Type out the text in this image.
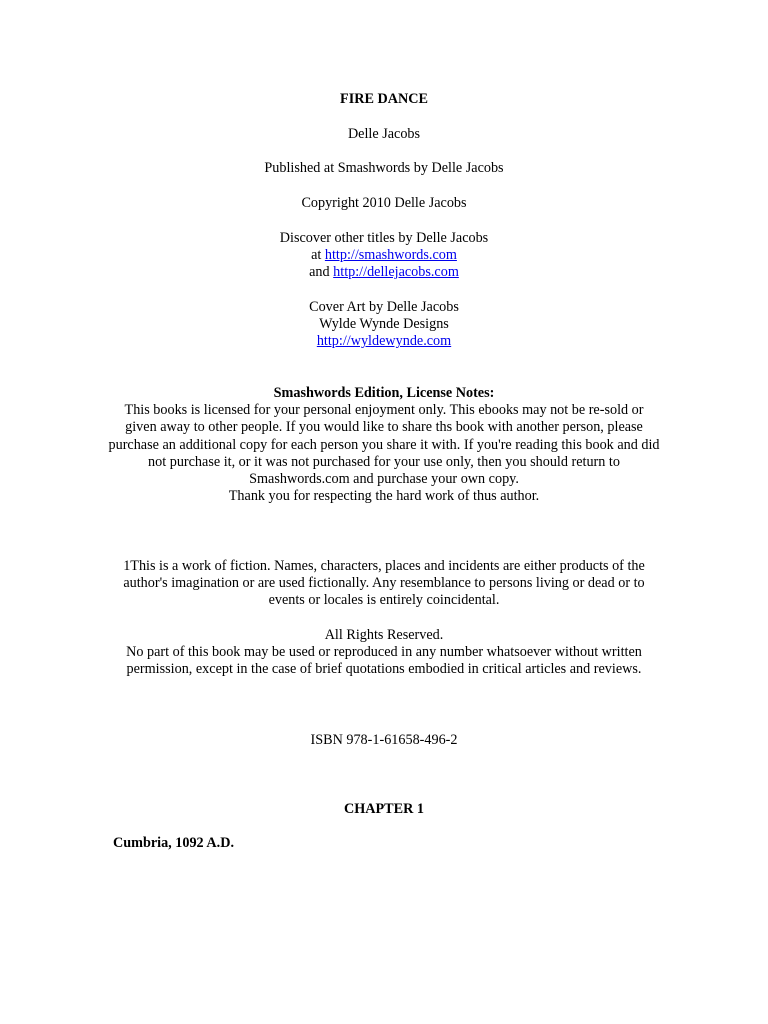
FIRE DANCE
Delle Jacobs
Published at Smashwords by Delle Jacobs
Copyright 2010 Delle Jacobs
Discover other titles by Delle Jacobs
at http://smashwords.com
and http://dellejacobs.com
Cover Art by Delle Jacobs
Wylde Wynde Designs
http://wyldewynde.com
Smashwords Edition, License Notes:
This books is licensed for your personal enjoyment only. This ebooks may not be re-sold or
given away to other people. If you would like to share ths book with another person, please
purchase an additional copy for each person you share it with. If you're reading this book and did
not purchase it, or it was not purchased for your use only, then you should return to
Smashwords.com and purchase your own copy.
Thank you for respecting the hard work of thus author.
1This is a work of fiction. Names, characters, places and incidents are either products of the
author's imagination or are used fictionally. Any resemblance to persons living or dead or to
events or locales is entirely coincidental.
All Rights Reserved.
No part of this book may be used or reproduced in any number whatsoever without written
permission, except in the case of brief quotations embodied in critical articles and reviews.
ISBN 978-1-61658-496-2
CHAPTER 1
Cumbria, 1092 A.D.
